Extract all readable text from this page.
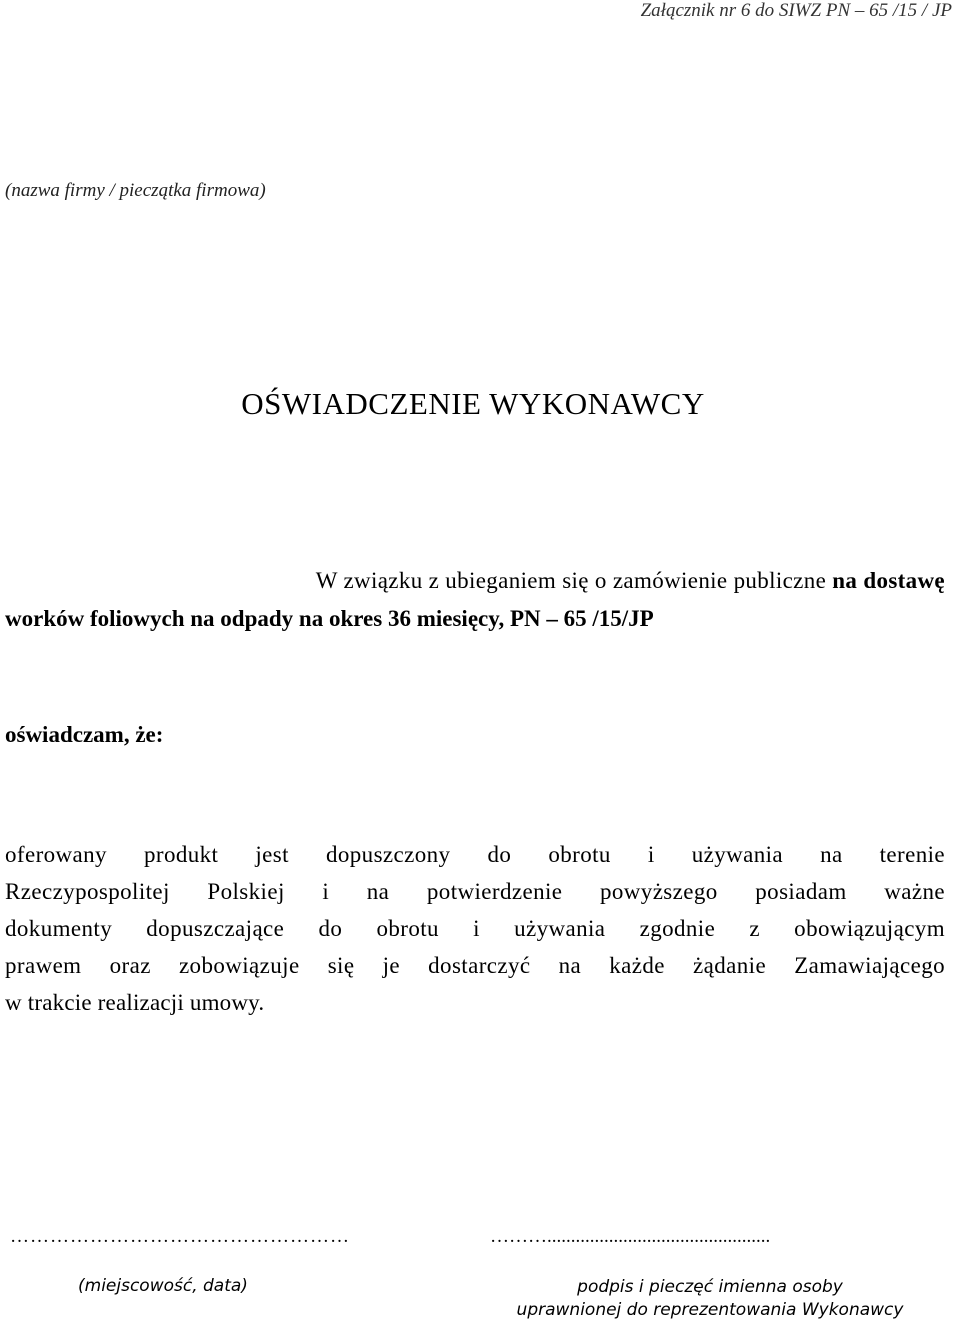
Załącznik nr 6 do SIWZ PN – 65 /15 / JP
(nazwa firmy / pieczątka firmowa)
OŚWIADCZENIE WYKONAWCY
W związku z ubieganiem się o zamówienie publiczne na dostawę
worków foliowych na odpady na okres 36 miesięcy, PN – 65 /15/JP
oświadczam, że:
oferowany produkt jest dopuszczony do obrotu i używania na terenie
Rzeczypospolitej Polskiej i na potwierdzenie powyższego posiadam ważne
dokumenty dopuszczające do obrotu i używania zgodnie z obowiązującym
prawem oraz zobowiązuje się je dostarczyć na każde żądanie Zamawiającego
w trakcie realizacji umowy.
……………………………………………	………...............................................
(miejscowość, data)	podpis i pieczęć imienna osoby
uprawnionej do reprezentowania Wykonawcy
